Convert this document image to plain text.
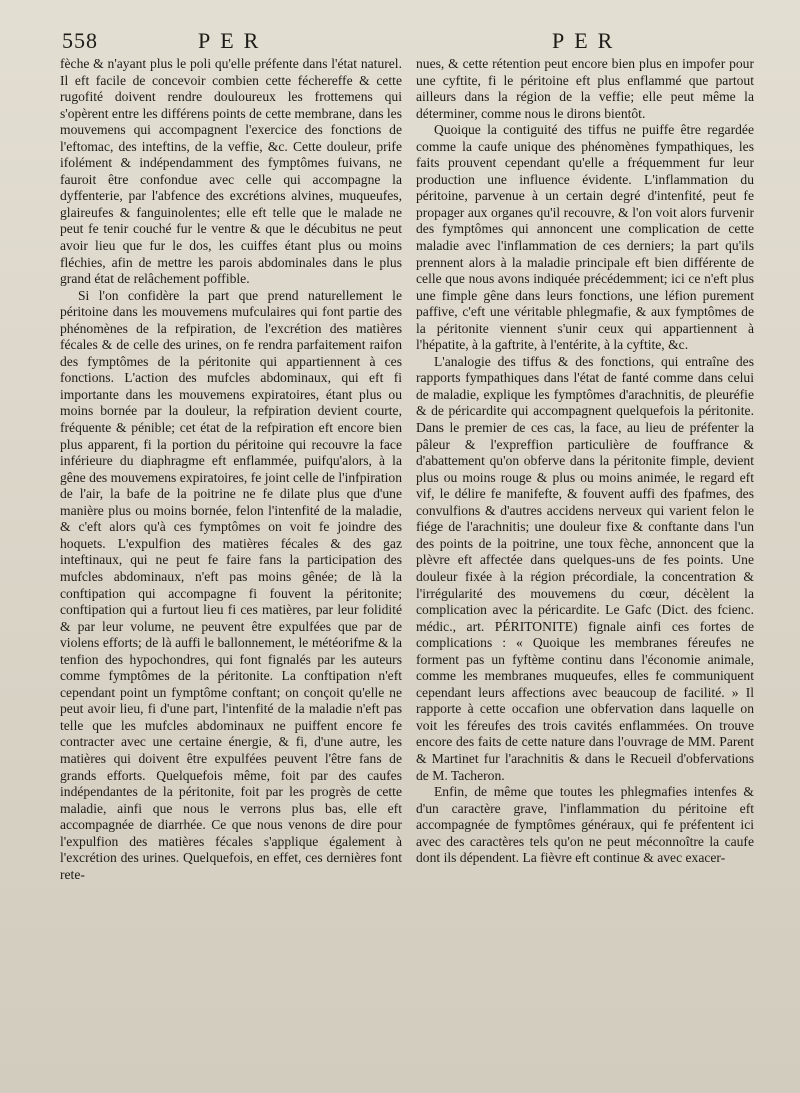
558	PER	PER

fèche & n'ayant plus le poli qu'elle préfente dans l'état naturel. Il eft facile de concevoir combien cette féchereffe & cette rugofité doivent rendre douloureux les frottemens qui s'opèrent entre les différens points de cette membrane, dans les mouvemens qui accompagnent l'exercice des fonctions de l'eftomac, des inteftins, de la veffie, &c. Cette douleur, prife ifolément & indépendamment des fymptômes fuivans, ne fauroit être confondue avec celle qui accompagne la dyffenterie, par l'abfence des excrétions alvines, muqueufes, glaireufes & fanguinolentes; elle eft telle que le malade ne peut fe tenir couché fur le ventre & que le décubitus ne peut avoir lieu que fur le dos, les cuiffes étant plus ou moins fléchies, afin de mettre les parois abdominales dans le plus grand état de relâchement poffible.

Si l'on confidère la part que prend naturellement le péritoine dans les mouvemens mufculaires qui font partie des phénomènes de la refpiration, de l'excrétion des matières fécales & de celle des urines, on fe rendra parfaitement raifon des fymptômes de la péritonite qui appartiennent à ces fonctions. L'action des mufcles abdominaux, qui eft fi importante dans les mouvemens expiratoires, étant plus ou moins bornée par la douleur, la refpiration devient courte, fréquente & pénible; cet état de la refpiration eft encore bien plus apparent, fi la portion du péritoine qui recouvre la face inférieure du diaphragme eft enflammée, puifqu'alors, à la gêne des mouvemens expiratoires, fe joint celle de l'infpiration de l'air, la bafe de la poitrine ne fe dilate plus que d'une manière plus ou moins bornée, felon l'intenfité de la maladie, & c'eft alors qu'à ces fymptômes on voit fe joindre des hoquets. L'expulfion des matières fécales & des gaz inteftinaux, qui ne peut fe faire fans la participation des mufcles abdominaux, n'eft pas moins gênée; de là la conftipation qui accompagne fi fouvent la péritonite; conftipation qui a furtout lieu fi ces matières, par leur folidité & par leur volume, ne peuvent être expulfées que par de violens efforts; de là auffi le ballonnement, le météorifme & la tenfion des hypochondres, qui font fignalés par les auteurs comme fymptômes de la péritonite. La conftipation n'eft cependant point un fymptôme conftant; on conçoit qu'elle ne peut avoir lieu, fi d'une part, l'intenfité de la maladie n'eft pas telle que les mufcles abdominaux ne puiffent encore fe contracter avec une certaine énergie, & fi, d'une autre, les matières qui doivent être expulfées peuvent l'être fans de grands efforts. Quelquefois même, foit par des caufes indépendantes de la péritonite, foit par les progrès de cette maladie, ainfi que nous le verrons plus bas, elle eft accompagnée de diarrhée. Ce que nous venons de dire pour l'expulfion des matières fécales s'applique également à l'excrétion des urines. Quelquefois, en effet, ces dernières font rete-

nues, & cette rétention peut encore bien plus en impofer pour une cyftite, fi le péritoine eft plus enflammé que partout ailleurs dans la région de la veffie; elle peut même la déterminer, comme nous le dirons bientôt.

Quoique la contiguité des tiffus ne puiffe être regardée comme la caufe unique des phénomènes fympathiques, les faits prouvent cependant qu'elle a fréquemment fur leur production une influence évidente. L'inflammation du péritoine, parvenue à un certain degré d'intenfité, peut fe propager aux organes qu'il recouvre, & l'on voit alors furvenir des fymptômes qui annoncent une complication de cette maladie avec l'inflammation de ces derniers; la part qu'ils prennent alors à la maladie principale eft bien différente de celle que nous avons indiquée précédemment; ici ce n'eft plus une fimple gêne dans leurs fonctions, une léfion purement paffive, c'eft une véritable phlegmafie, & aux fymptômes de la péritonite viennent s'unir ceux qui appartiennent à l'hépatite, à la gaftrite, à l'entérite, à la cyftite, &c.

L'analogie des tiffus & des fonctions, qui entraîne des rapports fympathiques dans l'état de fanté comme dans celui de maladie, explique les fymptômes d'arachnitis, de pleuréfie & de péricardite qui accompagnent quelquefois la péritonite. Dans le premier de ces cas, la face, au lieu de préfenter la pâleur & l'expreffion particulière de fouffrance & d'abattement qu'on obferve dans la péritonite fimple, devient plus ou moins rouge & plus ou moins animée, le regard eft vif, le délire fe manifefte, & fouvent auffi des fpafmes, des convulfions & d'autres accidens nerveux qui varient felon le fiége de l'arachnitis; une douleur fixe & conftante dans l'un des points de la poitrine, une toux fèche, annoncent que la plèvre eft affectée dans quelques-uns de fes points. Une douleur fixée à la région précordiale, la concentration & l'irrégularité des mouvemens du cœur, décèlent la complication avec la péricardite. Le Gafc (Dict. des fcienc. médic., art. PÉRITONITE) fignale ainfi ces fortes de complications : « Quoique les membranes féreufes ne forment pas un fyftème continu dans l'économie animale, comme les membranes muqueufes, elles fe communiquent cependant leurs affections avec beaucoup de facilité. » Il rapporte à cette occafion une obfervation dans laquelle on voit les féreufes des trois cavités enflammées. On trouve encore des faits de cette nature dans l'ouvrage de MM. Parent & Martinet fur l'arachnitis & dans le Recueil d'obfervations de M. Tacheron.

Enfin, de même que toutes les phlegmafies intenfes & d'un caractère grave, l'inflammation du péritoine eft accompagnée de fymptômes généraux, qui fe préfentent ici avec des caractères tels qu'on ne peut méconnoître la caufe dont ils dépendent. La fièvre eft continue & avec exacer-
